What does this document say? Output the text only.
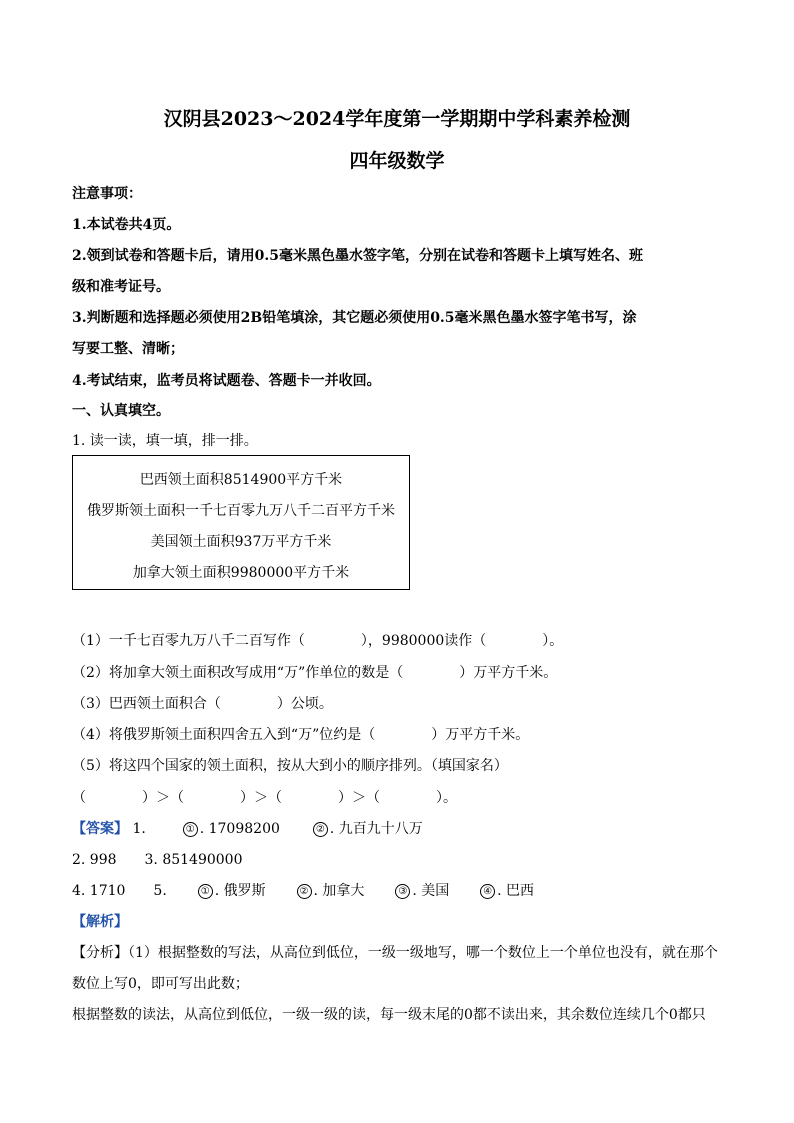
汉阴县2023～2024学年度第一学期期中学科素养检测
四年级数学
注意事项：
1.本试卷共4页。
2.领到试卷和答题卡后，请用0.5毫米黑色墨水签字笔，分别在试卷和答题卡上填写姓名、班
级和准考证号。
3.判断题和选择题必须使用2B铅笔填涂，其它题必须使用0.5毫米黑色墨水签字笔书写，涂
写要工整、清晰；
4.考试结束，监考员将试题卷、答题卡一并收回。
一、认真填空。
1. 读一读，填一填，排一排。
巴西领土面积8514900平方千米
俄罗斯领土面积一千七百零九万八千二百平方千米
美国领土面积937万平方千米
加拿大领土面积9980000平方千米
（1）一千七百零九万八千二百写作（　　　　），9980000读作（　　　　）。
（2）将加拿大领土面积改写成用“万”作单位的数是（　　　　）万平方千米。
（3）巴西领土面积合（　　　　）公顷。
（4）将俄罗斯领土面积四舍五入到“万”位约是（　　　　）万平方千米。
（5）将这四个国家的领土面积，按从大到小的顺序排列。（填国家名）
（　　　　）＞（　　　　）＞（　　　　）＞（　　　　）。
【答案】 1.	① . 17098200	② . 九百九十八万
2. 998　　3. 851490000
4. 1710　　5.	① . 俄罗斯	② . 加拿大	③ . 美国	④ . 巴西
【解析】
【分析】（1）根据整数的写法，从高位到低位，一级一级地写，哪一个数位上一个单位也没有，就在那个
数位上写0，即可写出此数；
根据整数的读法，从高位到低位，一级一级的读，每一级末尾的0都不读出来，其余数位连续几个0都只
